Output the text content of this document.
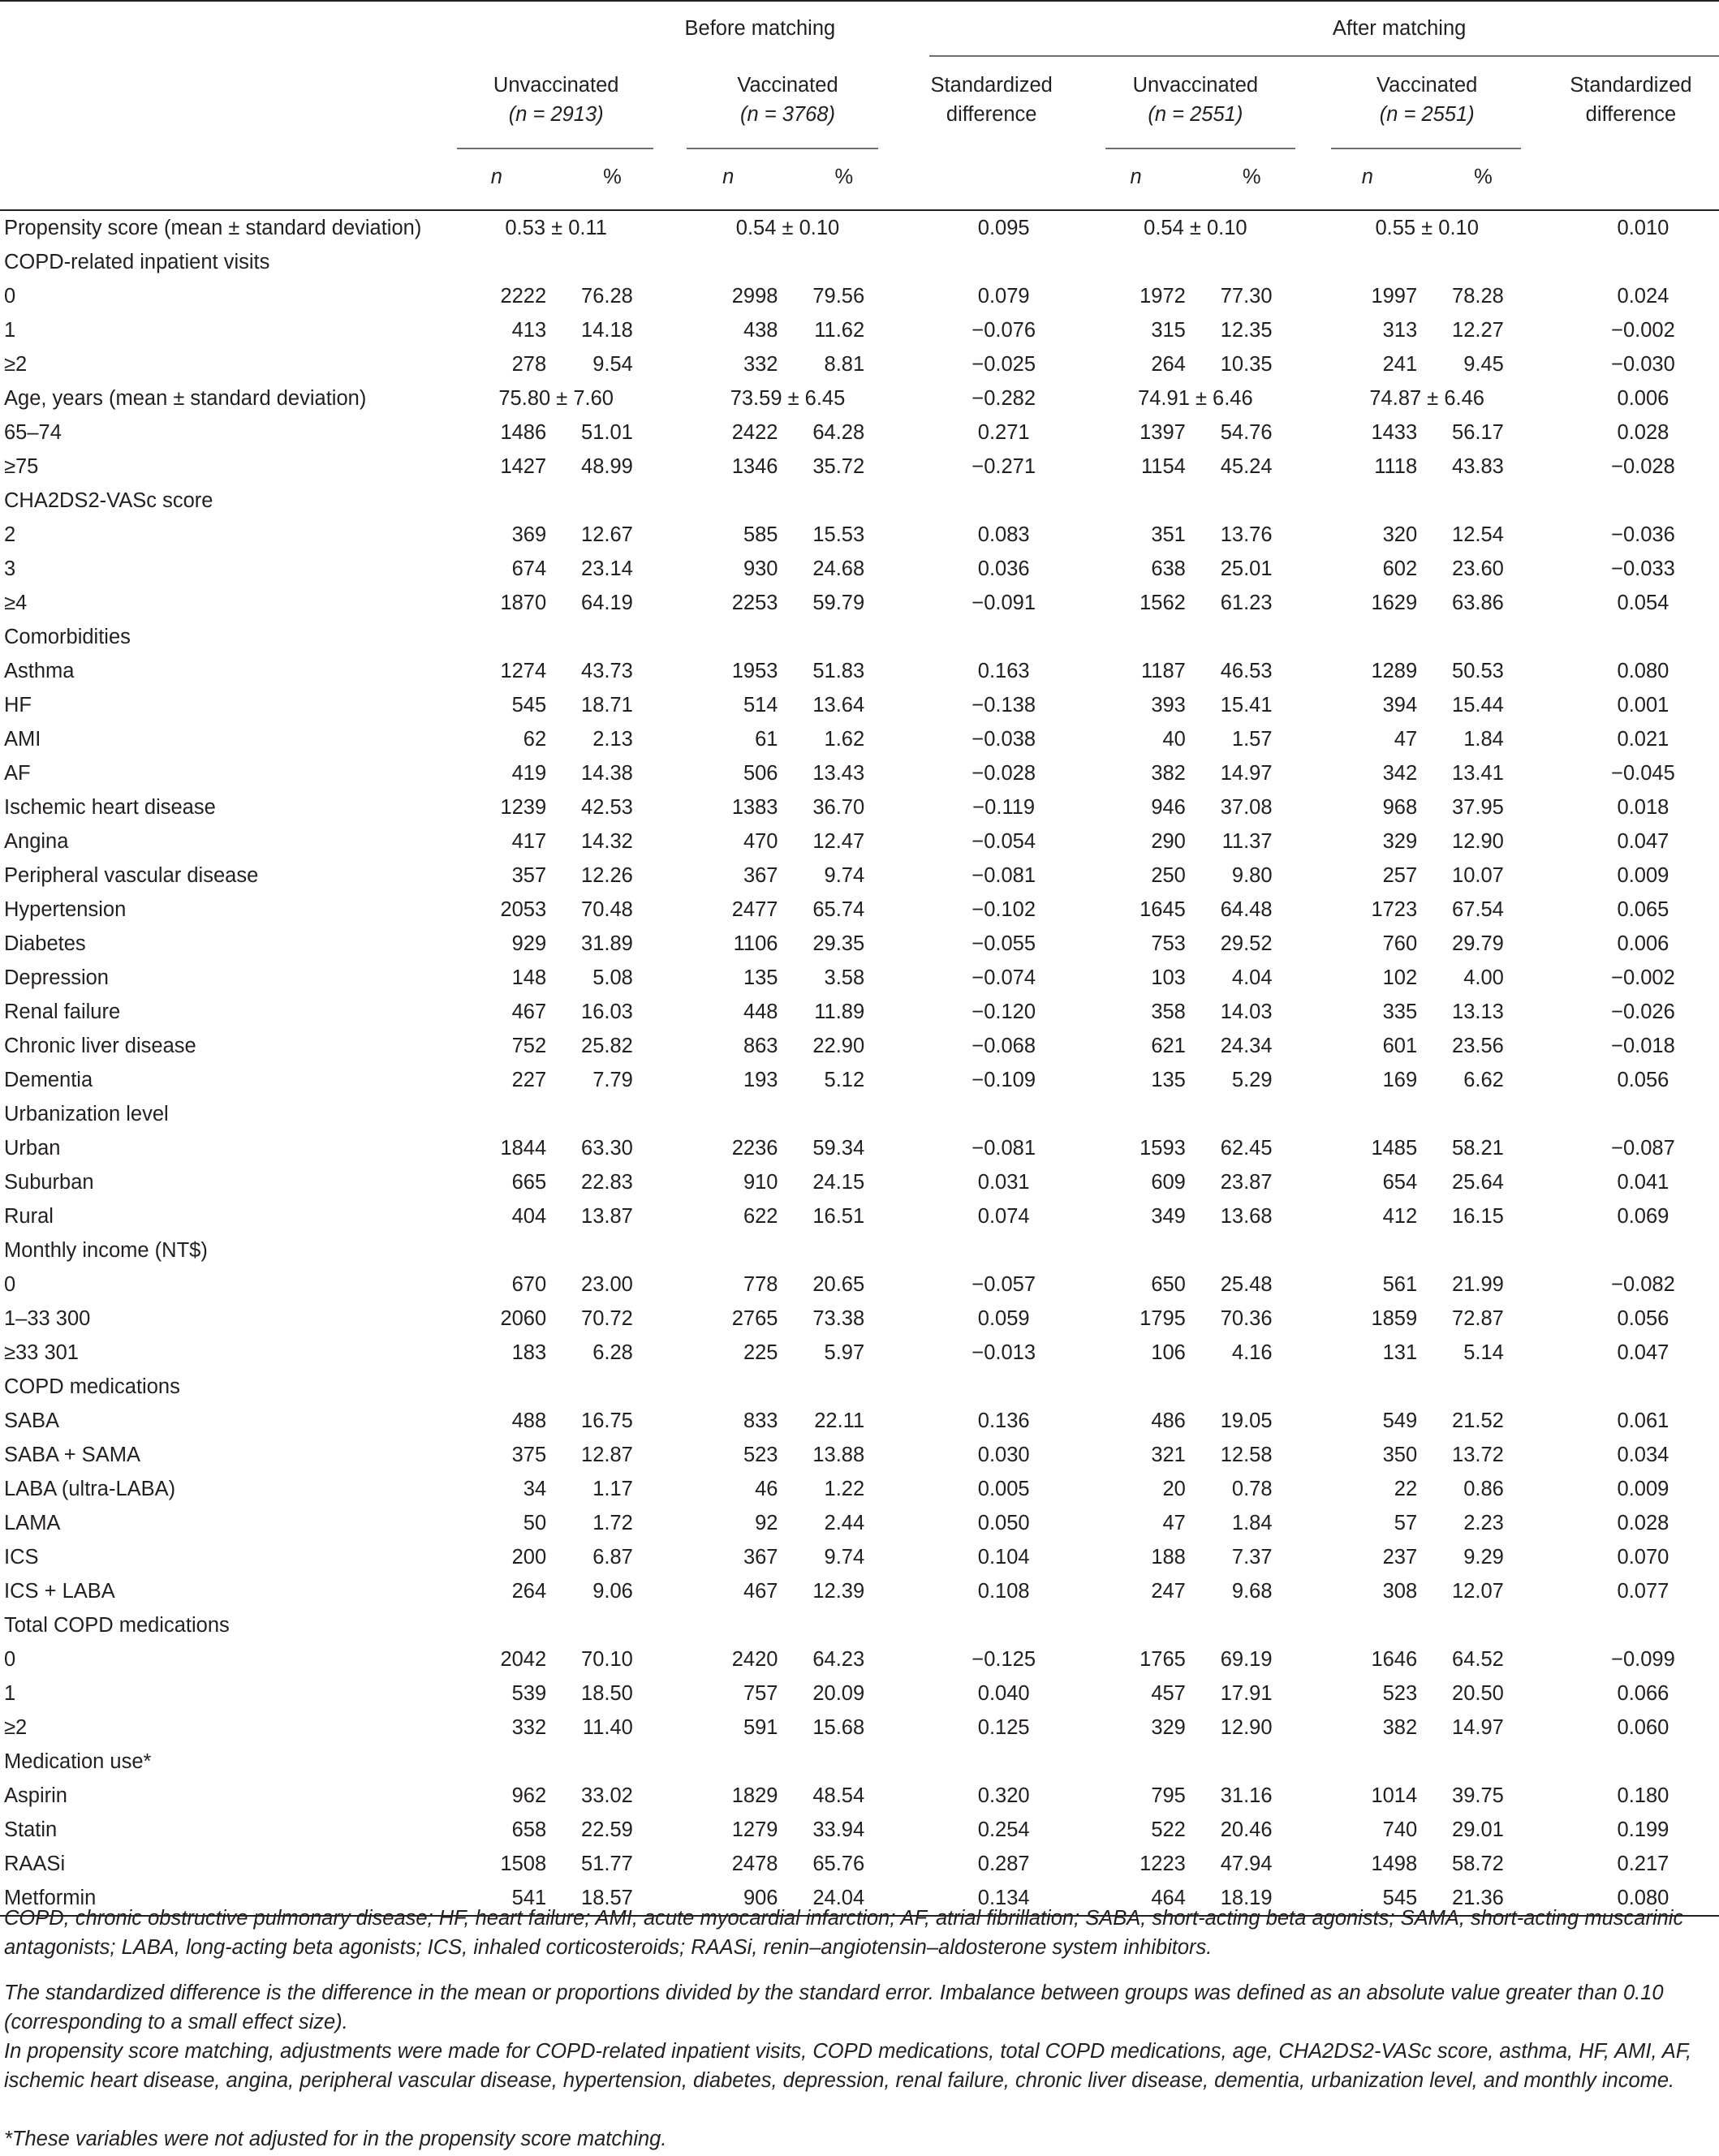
	Before matching					After matching				
	Unvaccinated
(n = 2913)		Vaccinated
(n = 3768)		Standardized
difference	Unvaccinated
(n = 2551)		Vaccinated
(n = 2551)		Standardized
difference
	n	%	n	%		n	%	n	%	
Propensity score (mean ± standard deviation)	0.53 ± 0.11		0.54 ± 0.10		0.095	0.54 ± 0.10		0.55 ± 0.10		0.010
COPD-related inpatient visits										
0	2222	76.28	2998	79.56	0.079	1972	77.30	1997	78.28	0.024
1	413	14.18	438	11.62	−0.076	315	12.35	313	12.27	−0.002
≥2	278	9.54	332	8.81	−0.025	264	10.35	241	9.45	−0.030
Age, years (mean ± standard deviation)	75.80 ± 7.60		73.59 ± 6.45		−0.282	74.91 ± 6.46		74.87 ± 6.46		0.006
65–74	1486	51.01	2422	64.28	0.271	1397	54.76	1433	56.17	0.028
≥75	1427	48.99	1346	35.72	−0.271	1154	45.24	1118	43.83	−0.028
CHA2DS2-VASc score										
2	369	12.67	585	15.53	0.083	351	13.76	320	12.54	−0.036
3	674	23.14	930	24.68	0.036	638	25.01	602	23.60	−0.033
≥4	1870	64.19	2253	59.79	−0.091	1562	61.23	1629	63.86	0.054
Comorbidities										
Asthma	1274	43.73	1953	51.83	0.163	1187	46.53	1289	50.53	0.080
HF	545	18.71	514	13.64	−0.138	393	15.41	394	15.44	0.001
AMI	62	2.13	61	1.62	−0.038	40	1.57	47	1.84	0.021
AF	419	14.38	506	13.43	−0.028	382	14.97	342	13.41	−0.045
Ischemic heart disease	1239	42.53	1383	36.70	−0.119	946	37.08	968	37.95	0.018
Angina	417	14.32	470	12.47	−0.054	290	11.37	329	12.90	0.047
Peripheral vascular disease	357	12.26	367	9.74	−0.081	250	9.80	257	10.07	0.009
Hypertension	2053	70.48	2477	65.74	−0.102	1645	64.48	1723	67.54	0.065
Diabetes	929	31.89	1106	29.35	−0.055	753	29.52	760	29.79	0.006
Depression	148	5.08	135	3.58	−0.074	103	4.04	102	4.00	−0.002
Renal failure	467	16.03	448	11.89	−0.120	358	14.03	335	13.13	−0.026
Chronic liver disease	752	25.82	863	22.90	−0.068	621	24.34	601	23.56	−0.018
Dementia	227	7.79	193	5.12	−0.109	135	5.29	169	6.62	0.056
Urbanization level										
Urban	1844	63.30	2236	59.34	−0.081	1593	62.45	1485	58.21	−0.087
Suburban	665	22.83	910	24.15	0.031	609	23.87	654	25.64	0.041
Rural	404	13.87	622	16.51	0.074	349	13.68	412	16.15	0.069
Monthly income (NT$)										
0	670	23.00	778	20.65	−0.057	650	25.48	561	21.99	−0.082
1–33 300	2060	70.72	2765	73.38	0.059	1795	70.36	1859	72.87	0.056
≥33 301	183	6.28	225	5.97	−0.013	106	4.16	131	5.14	0.047
COPD medications										
SABA	488	16.75	833	22.11	0.136	486	19.05	549	21.52	0.061
SABA + SAMA	375	12.87	523	13.88	0.030	321	12.58	350	13.72	0.034
LABA (ultra-LABA)	34	1.17	46	1.22	0.005	20	0.78	22	0.86	0.009
LAMA	50	1.72	92	2.44	0.050	47	1.84	57	2.23	0.028
ICS	200	6.87	367	9.74	0.104	188	7.37	237	9.29	0.070
ICS + LABA	264	9.06	467	12.39	0.108	247	9.68	308	12.07	0.077
Total COPD medications										
0	2042	70.10	2420	64.23	−0.125	1765	69.19	1646	64.52	−0.099
1	539	18.50	757	20.09	0.040	457	17.91	523	20.50	0.066
≥2	332	11.40	591	15.68	0.125	329	12.90	382	14.97	0.060
Medication use*										
Aspirin	962	33.02	1829	48.54	0.320	795	31.16	1014	39.75	0.180
Statin	658	22.59	1279	33.94	0.254	522	20.46	740	29.01	0.199
RAASi	1508	51.77	2478	65.76	0.287	1223	47.94	1498	58.72	0.217
Metformin	541	18.57	906	24.04	0.134	464	18.19	545	21.36	0.080
COPD, chronic obstructive pulmonary disease; HF, heart failure; AMI, acute myocardial infarction; AF, atrial fibrillation; SABA, short-acting beta agonists; SAMA, short-acting muscarinic antagonists; LABA, long-acting beta agonists; ICS, inhaled corticosteroids; RAASi, renin–angiotensin–aldosterone system inhibitors.
The standardized difference is the difference in the mean or proportions divided by the standard error. Imbalance between groups was defined as an absolute value greater than 0.10 (corresponding to a small effect size).
In propensity score matching, adjustments were made for COPD-related inpatient visits, COPD medications, total COPD medications, age, CHA2DS2-VASc score, asthma, HF, AMI, AF, ischemic heart disease, angina, peripheral vascular disease, hypertension, diabetes, depression, renal failure, chronic liver disease, dementia, urbanization level, and monthly income.
*These variables were not adjusted for in the propensity score matching.
